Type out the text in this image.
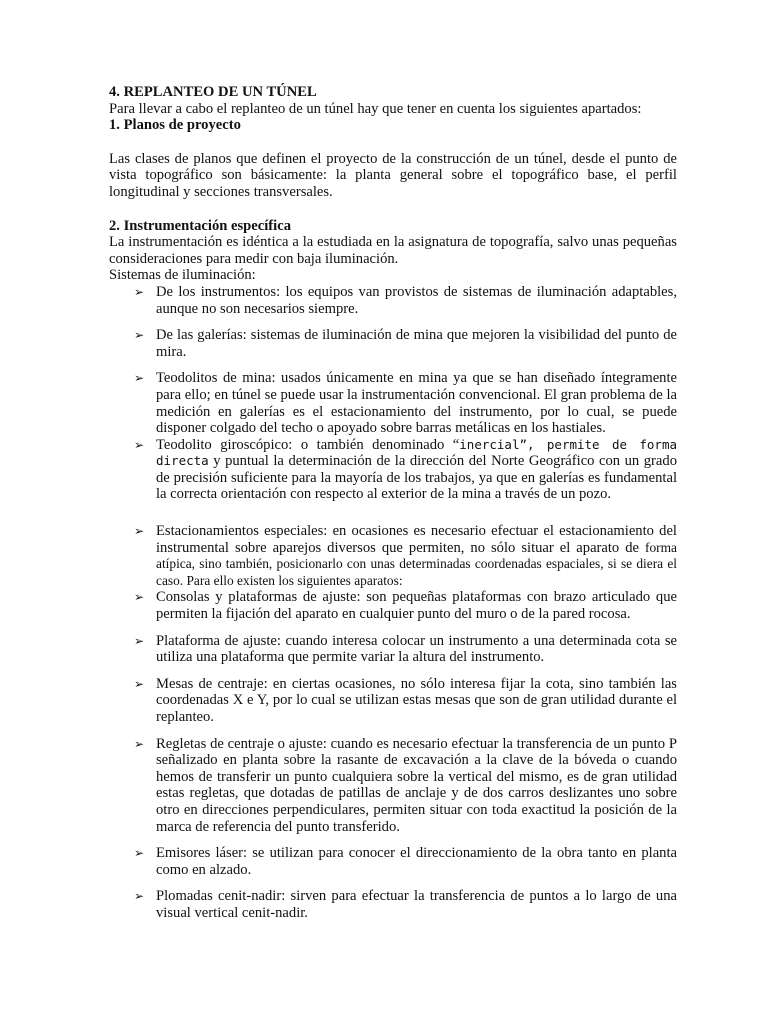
4. REPLANTEO DE UN TÚNEL

Para llevar a cabo el replanteo de un túnel hay que tener en cuenta los siguientes apartados:

1. Planos de proyecto

Las clases de planos que definen el proyecto de la construcción de un túnel, desde el punto de vista topográfico son básicamente: la planta general sobre el topográfico base, el perfil longitudinal y secciones transversales.

2. Instrumentación específica

La instrumentación es idéntica a la estudiada en la asignatura de topografía, salvo unas pequeñas consideraciones para medir con baja iluminación.

Sistemas de iluminación:

➢ De los instrumentos: los equipos van provistos de sistemas de iluminación adaptables, aunque no son necesarios siempre.
➢ De las galerías: sistemas de iluminación de mina que mejoren la visibilidad del punto de mira.
➢ Teodolitos de mina: usados únicamente en mina ya que se han diseñado íntegramente para ello; en túnel se puede usar la instrumentación convencional. El gran problema de la medición en galerías es el estacionamiento del instrumento, por lo cual, se puede disponer colgado del techo o apoyado sobre barras metálicas en los hastiales.
➢ Teodolito giroscópico: o también denominado “inercial”, permite de forma directa y puntual la determinación de la dirección del Norte Geográfico con un grado de precisión suficiente para la mayoría de los trabajos, ya que en galerías es fundamental la correcta orientación con respecto al exterior de la mina a través de un pozo.
➢ Estacionamientos especiales: en ocasiones es necesario efectuar el estacionamiento del instrumental sobre aparejos diversos que permiten, no sólo situar el aparato de forma atípica, sino también, posicionarlo con unas determinadas coordenadas espaciales, si se diera el caso. Para ello existen los siguientes aparatos:
➢ Consolas y plataformas de ajuste: son pequeñas plataformas con brazo articulado que permiten la fijación del aparato en cualquier punto del muro o de la pared rocosa.
➢ Plataforma de ajuste: cuando interesa colocar un instrumento a una determinada cota se utiliza una plataforma que permite variar la altura del instrumento.
➢ Mesas de centraje: en ciertas ocasiones, no sólo interesa fijar la cota, sino también las coordenadas X e Y, por lo cual se utilizan estas mesas que son de gran utilidad durante el replanteo.
➢ Regletas de centraje o ajuste: cuando es necesario efectuar la transferencia de un punto P señalizado en planta sobre la rasante de excavación a la clave de la bóveda o cuando hemos de transferir un punto cualquiera sobre la vertical del mismo, es de gran utilidad estas regletas, que dotadas de patillas de anclaje y de dos carros deslizantes uno sobre otro en direcciones perpendiculares, permiten situar con toda exactitud la posición de la marca de referencia del punto transferido.
➢ Emisores láser: se utilizan para conocer el direccionamiento de la obra tanto en planta como en alzado.
➢ Plomadas cenit-nadir: sirven para efectuar la transferencia de puntos a lo largo de una visual vertical cenit-nadir.
